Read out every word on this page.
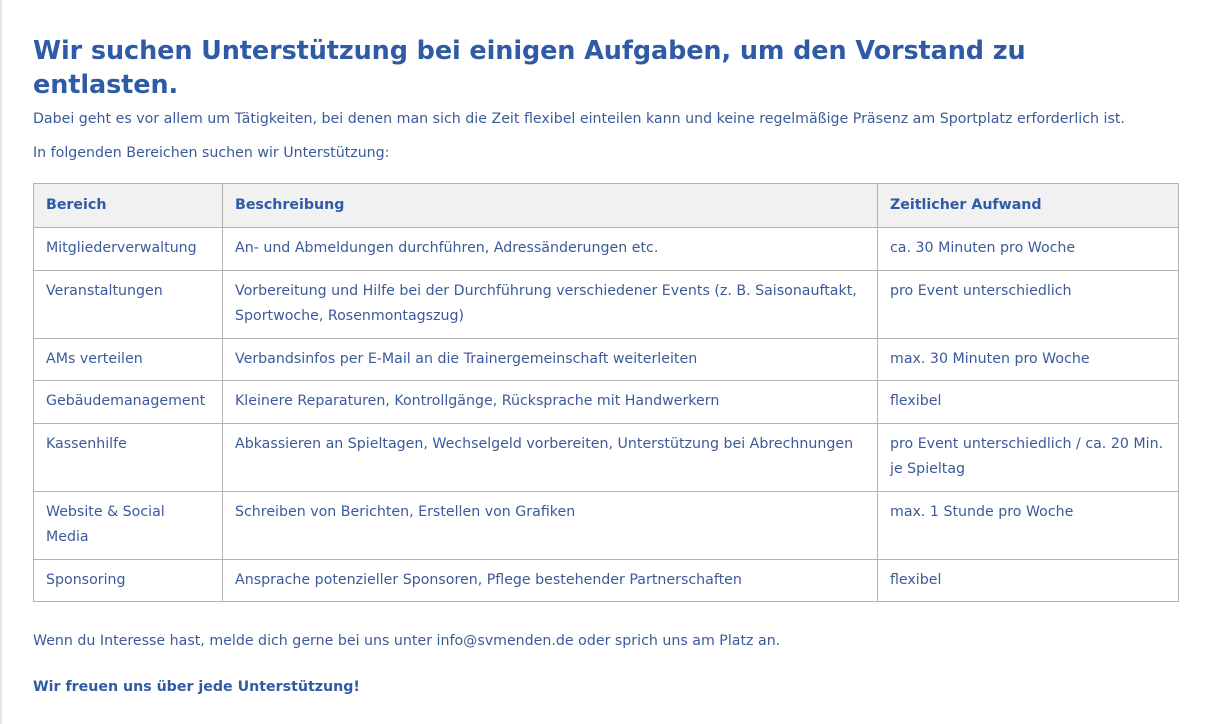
Wir suchen Unterstützung bei einigen Aufgaben, um den Vorstand zu entlasten.

Dabei geht es vor allem um Tätigkeiten, bei denen man sich die Zeit flexibel einteilen kann und keine regelmäßige Präsenz am Sportplatz erforderlich ist.

In folgenden Bereichen suchen wir Unterstützung:

Bereich	Beschreibung	Zeitlicher Aufwand
Mitgliederverwaltung	An- und Abmeldungen durchführen, Adressänderungen etc.	ca. 30 Minuten pro Woche
Veranstaltungen	Vorbereitung und Hilfe bei der Durchführung verschiedener Events (z. B. Saisonauftakt, Sportwoche, Rosenmontagszug)	pro Event unterschiedlich
AMs verteilen	Verbandsinfos per E-Mail an die Trainergemeinschaft weiterleiten	max. 30 Minuten pro Woche
Gebäudemanagement	Kleinere Reparaturen, Kontrollgänge, Rücksprache mit Handwerkern	flexibel
Kassenhilfe	Abkassieren an Spieltagen, Wechselgeld vorbereiten, Unterstützung bei Abrechnungen	pro Event unterschiedlich / ca. 20 Min. je Spieltag
Website & Social Media	Schreiben von Berichten, Erstellen von Grafiken	max. 1 Stunde pro Woche
Sponsoring	Ansprache potenzieller Sponsoren, Pflege bestehender Partnerschaften	flexibel

Wenn du Interesse hast, melde dich gerne bei uns unter info@svmenden.de oder sprich uns am Platz an.

Wir freuen uns über jede Unterstützung!
